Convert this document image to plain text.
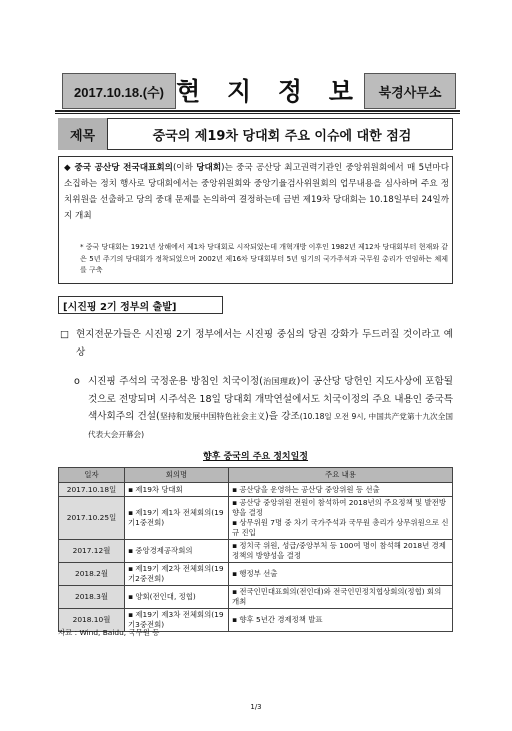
2017.10.18.(수) 현 지 정 보	북경사무소
제목	중국의 제19차 당대회 주요 이슈에 대한 점검
◆ 중국 공산당 전국대표회의(이하 당대회)는 중국 공산당 최고권력기관인 중앙위원회에서 매 5년마다 소집하는 정치 행사로 당대회에서는 중앙위원회와 중앙기율검사위원회의 업무내용을 심사하며 주요 정치위원을 선출하고 당의 중대 문제를 논의하여 결정하는데 금번 제19차 당대회는 10.18일부터 24일까지 개최
* 중국 당대회는 1921년 상해에서 제1차 당대회로 시작되었는데 개혁개방 이후인 1982년 제12차 당대회부터 현재와 같은 5년 주기의 당대회가 정착되었으며 2002년 제16차 당대회부터 5년 임기의 국가주석과 국무원 총리가 연임하는 체제를 구축
[시진핑 2기 정부의 출발]
□ 현지전문가들은 시진핑 2기 정부에서는 시진핑 중심의 당권 강화가 두드러질 것이라고 예상
o 시진핑 주석의 국정운용 방침인 치국이정(治国理政)이 공산당 당헌인 지도사상에 포함될 것으로 전망되며 시주석은 18일 당대회 개막연설에서도 치국이정의 주요 내용인 중국특색사회주의 건설(坚持和发展中国特色社会主义)을 강조(10.18일 오전 9시, 中国共产党第十九次全国代表大会开幕会)
향후 중국의 주요 정치일정
일자	회의명	주요 내용
2017.10.18일	▪ 제19차 당대회	▪ 공산당을 운영하는 공산당 중앙위원 등 선출
2017.10.25일	▪ 제19기 제1차 전체회의(19기1중전회)	▪ 공산당 중앙위원 전원이 참석하여 2018년의 주요정책 및 발전방향을 결정
▪ 상무위원 7명 중 차기 국가주석과 국무원 총리가 상무위원으로 신규 진입
2017.12월	▪ 중앙경제공작회의	▪ 정치국 위원, 성급/중앙부처 등 100여 명이 참석해 2018년 경제정책의 방향성을 결정
2018.2월	▪ 제19기 제2차 전체회의(19기2중전회)	▪ 행정부 선출
2018.3월	▪ 양회(전인대, 정협)	▪ 전국인민대표회의(전인대)와 전국인민정치협상회의(정협) 회의 개최
2018.10월	▪ 제19기 제3차 전체회의(19기3중전회)	▪ 향후 5년간 경제정책 발표
자료 : Wind, Baidu, 국무원 등
1/3
